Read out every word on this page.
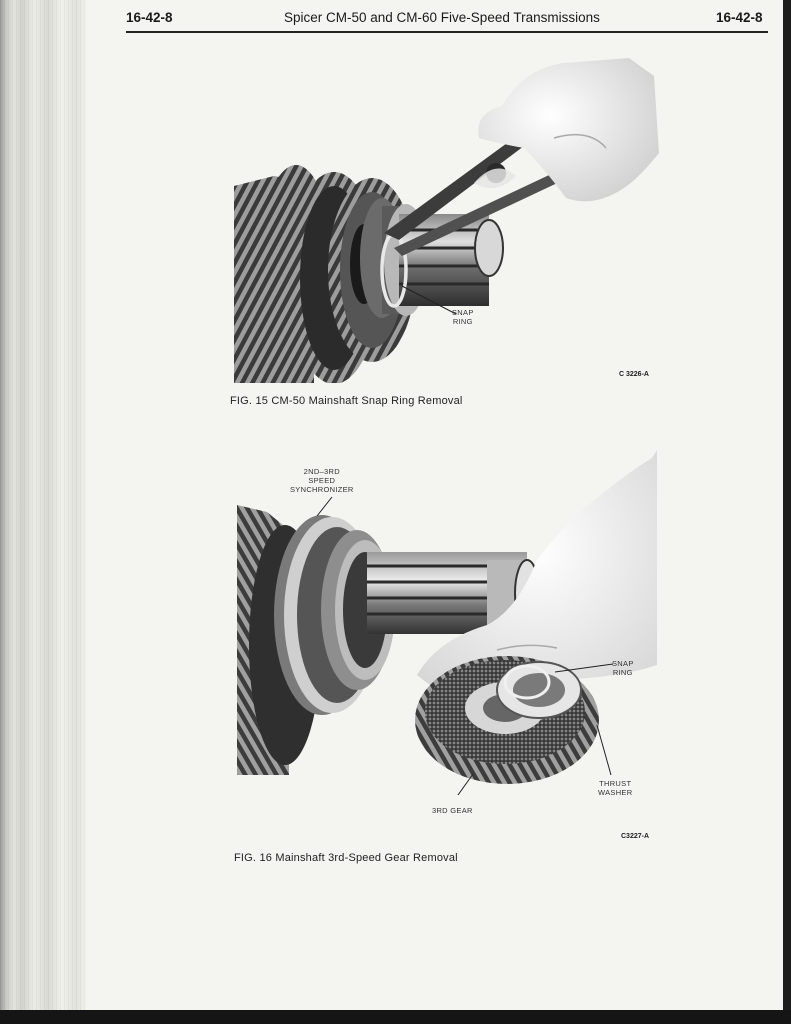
16-42-8	Spicer CM-50 and CM-60 Five-Speed Transmissions	16-42-8
SNAP
RING
C 3226-A
FIG. 15 CM-50 Mainshaft Snap Ring Removal
2ND–3RD
SPEED
SYNCHRONIZER
SNAP
RING
THRUST
WASHER
3RD GEAR
C3227-A
FIG. 16 Mainshaft 3rd-Speed Gear Removal
